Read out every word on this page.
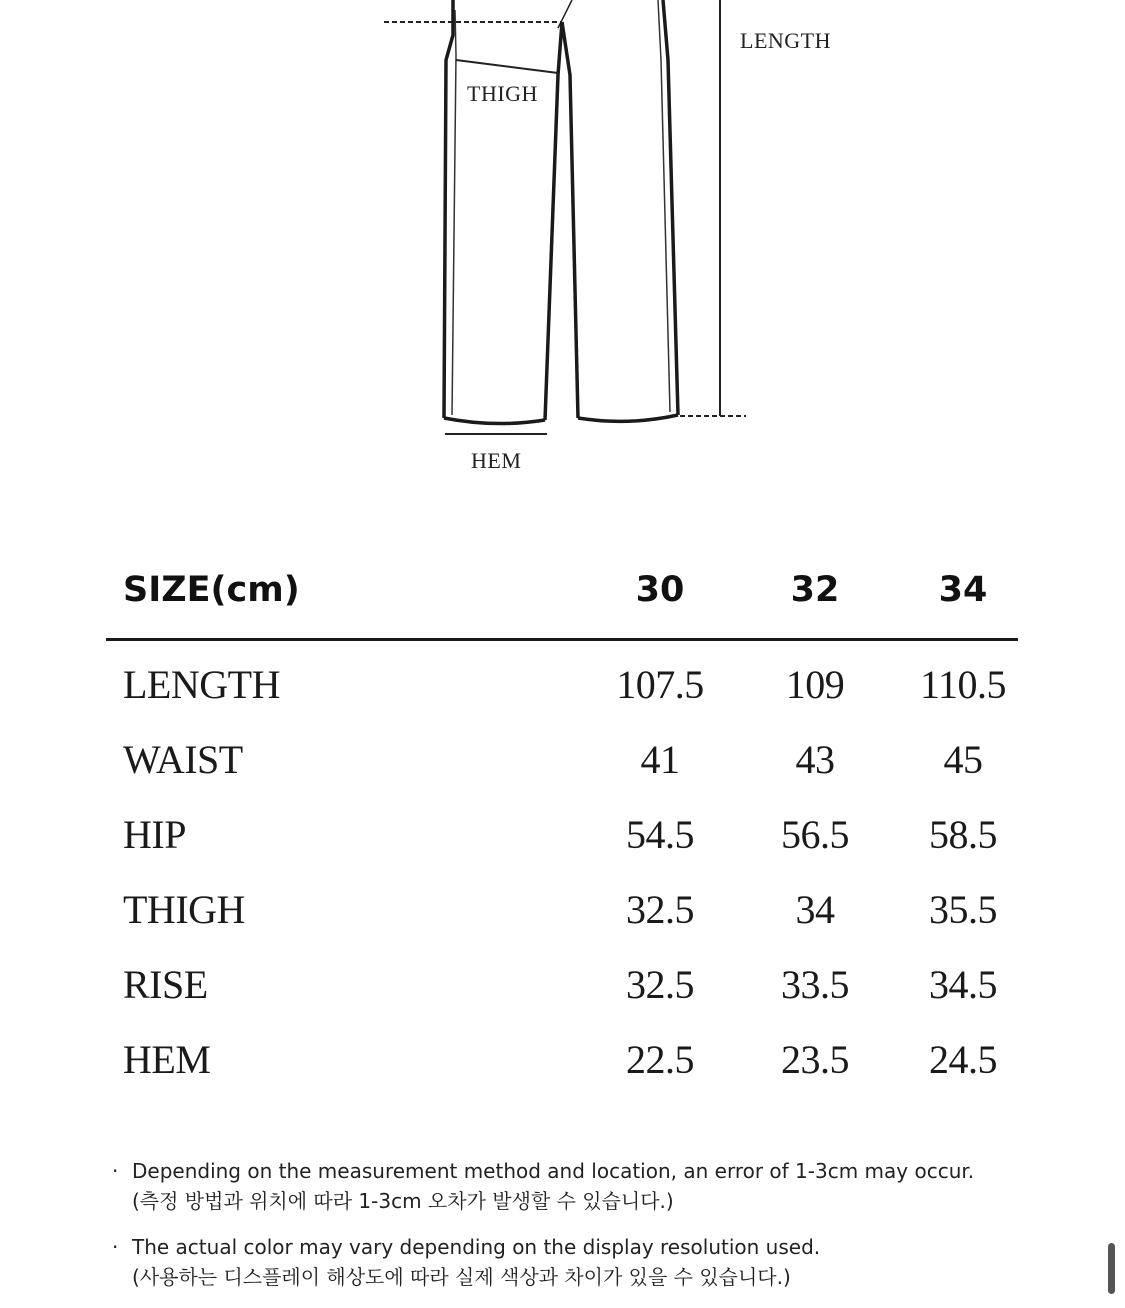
LENGTH
THIGH
HEM
SIZE(cm)	30	32	34
LENGTH	107.5	109	110.5
WAIST	41	43	45
HIP	54.5	56.5	58.5
THIGH	32.5	34	35.5
RISE	32.5	33.5	34.5
HEM	22.5	23.5	24.5
· Depending on the measurement method and location, an error of 1-3cm may occur.
(측정 방법과 위치에 따라 1-3cm 오차가 발생할 수 있습니다.)
· The actual color may vary depending on the display resolution used.
(사용하는 디스플레이 해상도에 따라 실제 색상과 차이가 있을 수 있습니다.)
